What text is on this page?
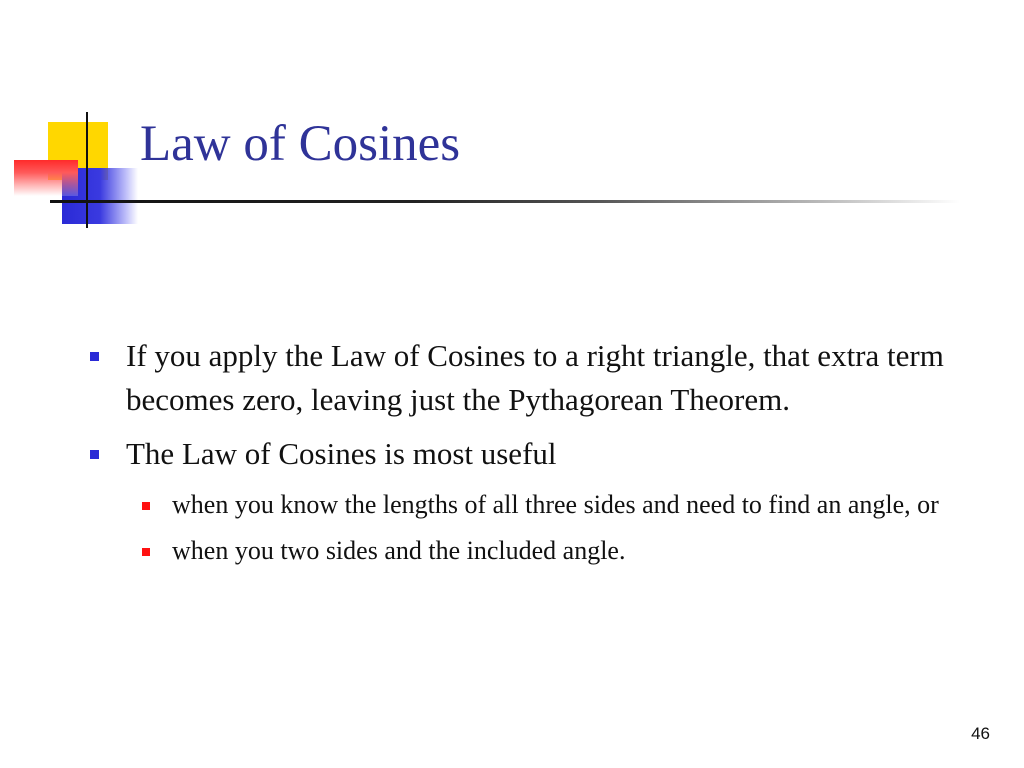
Law of Cosines
If you apply the Law of Cosines to a right triangle, that extra term becomes zero, leaving just the Pythagorean Theorem.
The Law of Cosines is most useful
when you know the lengths of all three sides and need to find an angle, or
when you two sides and the included angle.
46
